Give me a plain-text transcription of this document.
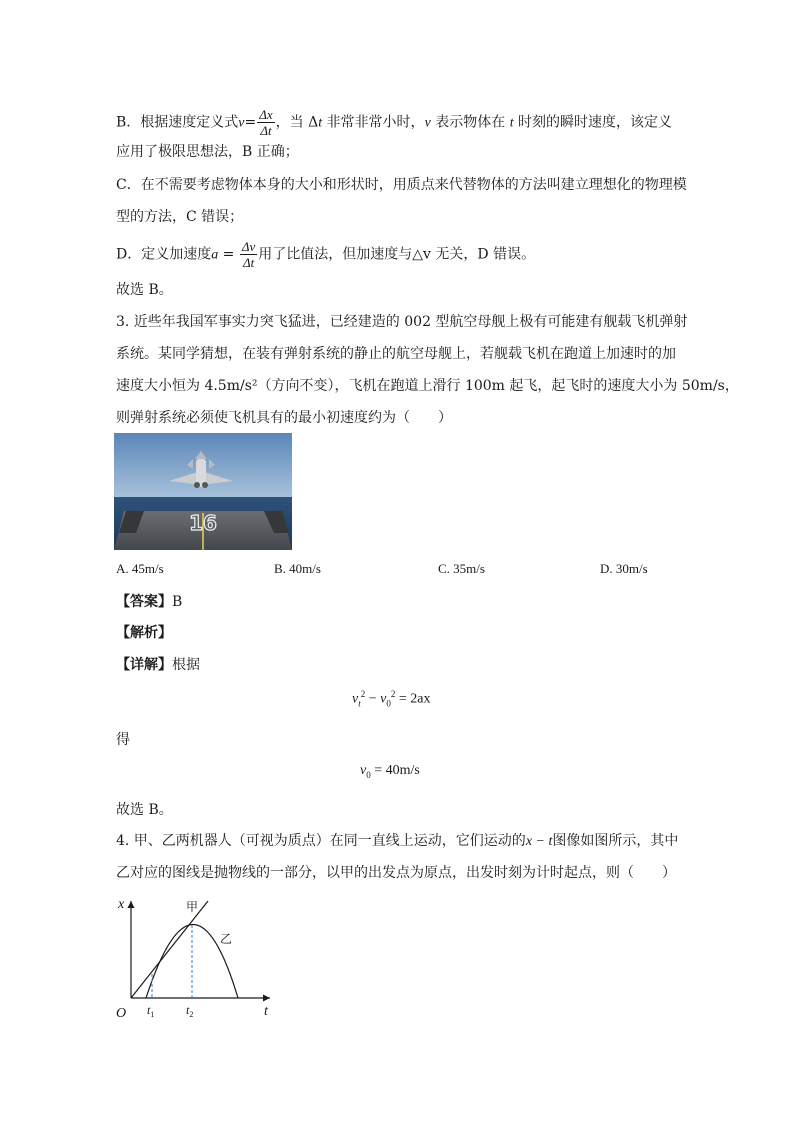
B．根据速度定义式$v= \frac{\Delta x}{\Delta t}$ ，当 Δt 非常非常小时，v 表示物体在 t 时刻的瞬时速度，该定义
应用了极限思想法，B 正确；
C．在不需要考虑物体本身的大小和形状时，用质点来代替物体的方法叫建立理想化的物理模
型的方法，C 错误；
D．定义加速度$a = \frac{\Delta v}{\Delta t}$ 用了比值法，但加速度与△v 无关，D 错误。
故选 B。
3. 近些年我国军事实力突飞猛进，已经建造的 002 型航空母舰上极有可能建有舰载飞机弹射
系统。某同学猜想，在装有弹射系统的静止的航空母舰上，若舰载飞机在跑道上加速时的加
速度大小恒为 4.5m/s²（方向不变），飞机在跑道上滑行 100m 起飞，起飞时的速度大小为 50m/s，
则弹射系统必须使飞机具有的最小初速度约为（　　）
16
A. 45m/s	B. 40m/s	C. 35m/s	D. 30m/s
【答案】B
【解析】
【详解】根据
$v_t^2 - v_0^2 = 2ax$
得
$v_0 = 40m/s$
故选 B。
4. 甲、乙两机器人（可视为质点）在同一直线上运动，它们运动的x − t图像如图所示，其中
乙对应的图线是抛物线的一部分，以甲的出发点为原点，出发时刻为计时起点，则（　　）
x
t
O $t_1$	$t_2$
甲
乙
